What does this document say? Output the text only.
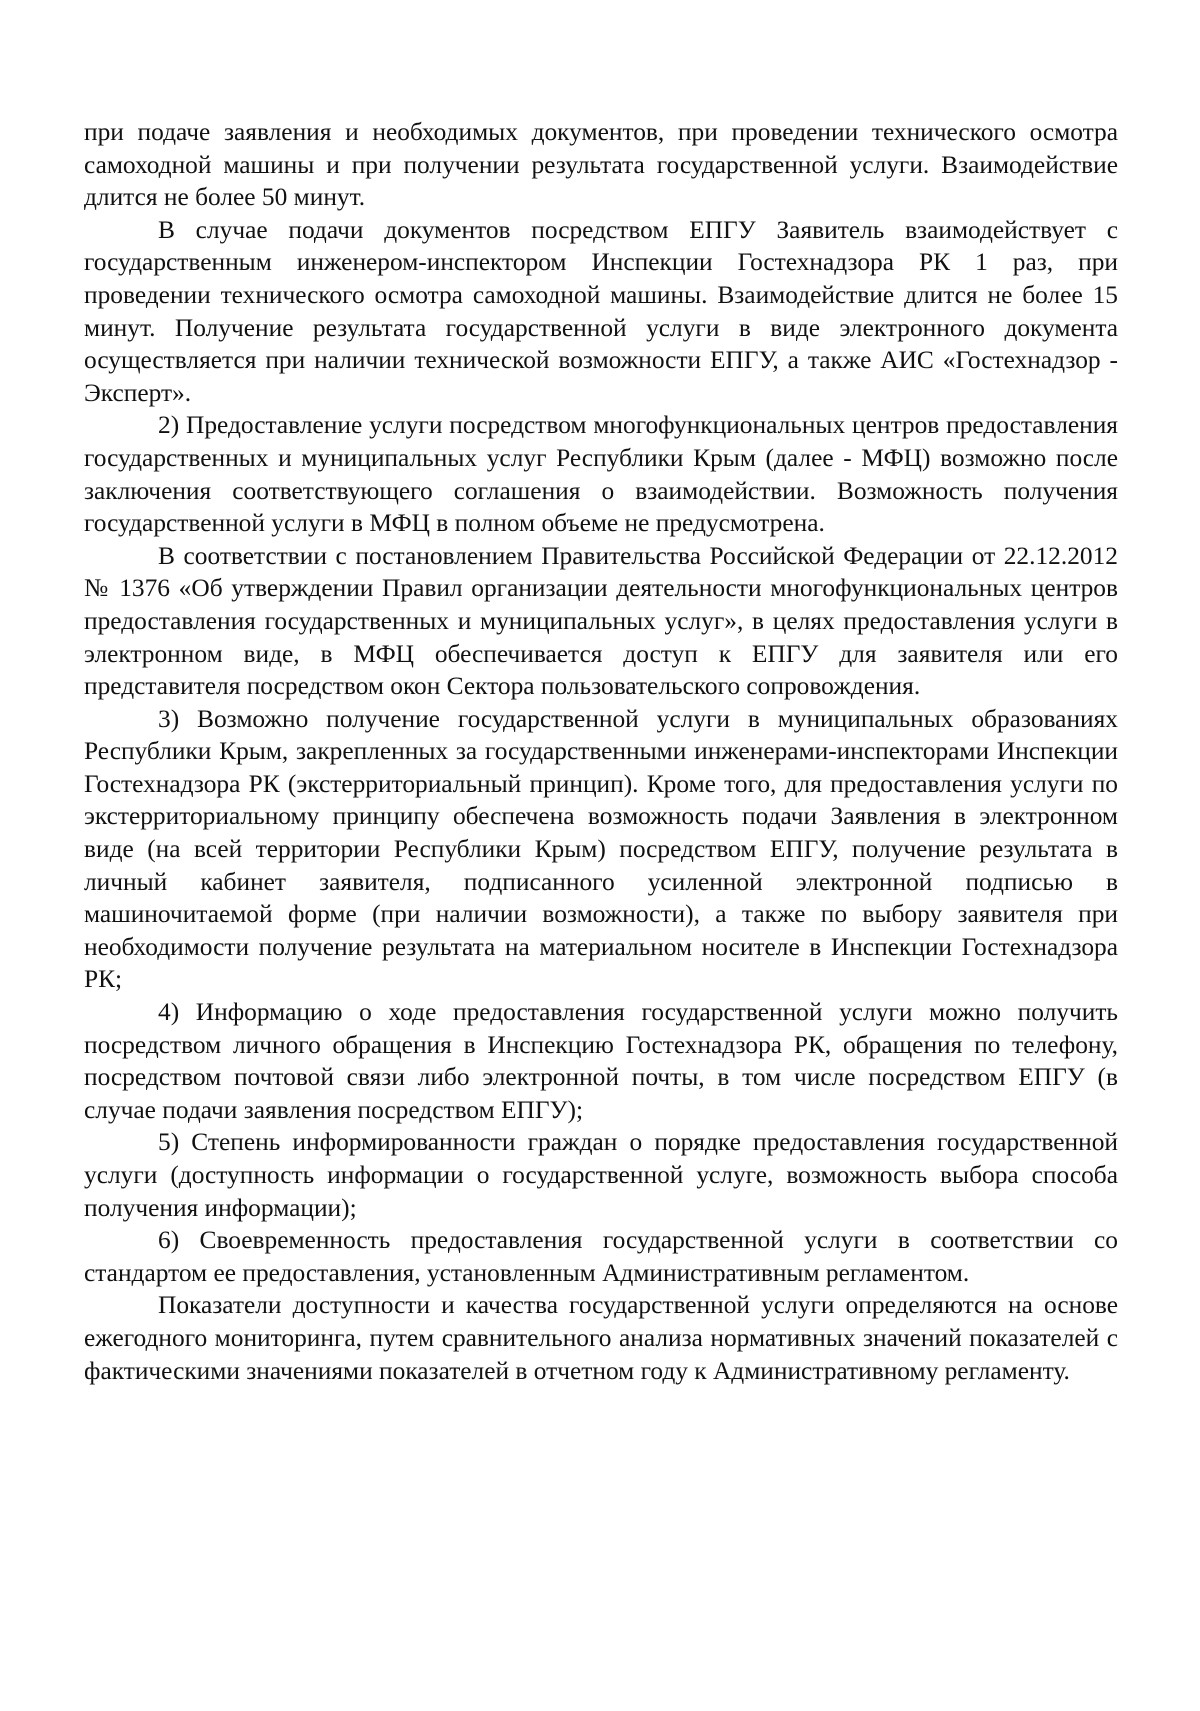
при подаче заявления и необходимых документов, при проведении технического осмотра самоходной машины и при получении результата государственной услуги. Взаимодействие длится не более 50 минут.

В случае подачи документов посредством ЕПГУ Заявитель взаимодействует с государственным инженером-инспектором Инспекции Гостехнадзора РК 1 раз, при проведении технического осмотра самоходной машины. Взаимодействие длится не более 15 минут. Получение результата государственной услуги в виде электронного документа осуществляется при наличии технической возможности ЕПГУ, а также АИС «Гостехнадзор - Эксперт».

2) Предоставление услуги посредством многофункциональных центров предоставления государственных и муниципальных услуг Республики Крым (далее - МФЦ) возможно после заключения соответствующего соглашения о взаимодействии. Возможность получения государственной услуги в МФЦ в полном объеме не предусмотрена.

В соответствии с постановлением Правительства Российской Федерации от 22.12.2012 № 1376 «Об утверждении Правил организации деятельности многофункциональных центров предоставления государственных и муниципальных услуг», в целях предоставления услуги в электронном виде, в МФЦ обеспечивается доступ к ЕПГУ для заявителя или его представителя посредством окон Сектора пользовательского сопровождения.

3) Возможно получение государственной услуги в муниципальных образованиях Республики Крым, закрепленных за государственными инженерами-инспекторами Инспекции Гостехнадзора РК (экстерриториальный принцип). Кроме того, для предоставления услуги по экстерриториальному принципу обеспечена возможность подачи Заявления в электронном виде (на всей территории Республики Крым) посредством ЕПГУ, получение результата в личный кабинет заявителя, подписанного усиленной электронной подписью в машиночитаемой форме (при наличии возможности), а также по выбору заявителя при необходимости получение результата на материальном носителе в Инспекции Гостехнадзора РК;

4) Информацию о ходе предоставления государственной услуги можно получить посредством личного обращения в Инспекцию Гостехнадзора РК, обращения по телефону, посредством почтовой связи либо электронной почты, в том числе посредством ЕПГУ (в случае подачи заявления посредством ЕПГУ);

5) Степень информированности граждан о порядке предоставления государственной услуги (доступность информации о государственной услуге, возможность выбора способа получения информации);

6) Своевременность предоставления государственной услуги в соответствии со стандартом ее предоставления, установленным Административным регламентом.

Показатели доступности и качества государственной услуги определяются на основе ежегодного мониторинга, путем сравнительного анализа нормативных значений показателей с фактическими значениями показателей в отчетном году к Административному регламенту.
